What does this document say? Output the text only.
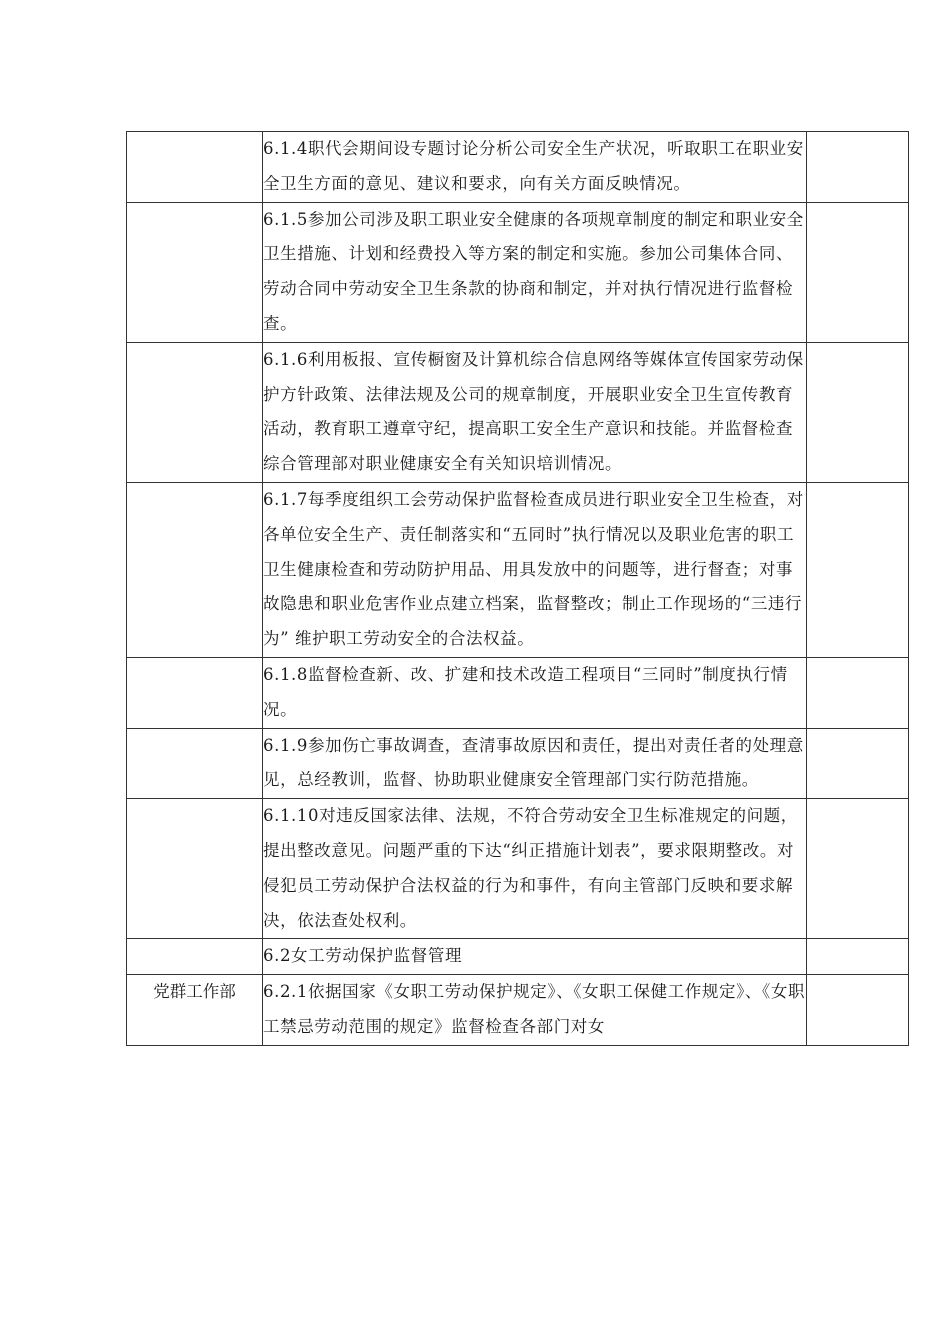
	6.1.4职代会期间设专题讨论分析公司安全生产状况，听取职工在职业安全卫生方面的意见、建议和要求，向有关方面反映情况。	
	6.1.5参加公司涉及职工职业安全健康的各项规章制度的制定和职业安全卫生措施、计划和经费投入等方案的制定和实施。参加公司集体合同、劳动合同中劳动安全卫生条款的协商和制定，并对执行情况进行监督检查。	
	6.1.6利用板报、宣传橱窗及计算机综合信息网络等媒体宣传国家劳动保护方针政策、法律法规及公司的规章制度，开展职业安全卫生宣传教育活动，教育职工遵章守纪，提高职工安全生产意识和技能。并监督检查综合管理部对职业健康安全有关知识培训情况。	
	6.1.7每季度组织工会劳动保护监督检查成员进行职业安全卫生检查，对各单位安全生产、责任制落实和“五同时”执行情况以及职业危害的职工卫生健康检查和劳动防护用品、用具发放中的问题等，进行督查；对事故隐患和职业危害作业点建立档案，监督整改；制止工作现场的“三违行为” 维护职工劳动安全的合法权益。	
	6.1.8监督检查新、改、扩建和技术改造工程项目“三同时”制度执行情况。	
	6.1.9参加伤亡事故调查，查清事故原因和责任，提出对责任者的处理意见，总经教训，监督、协助职业健康安全管理部门实行防范措施。	
	6.1.10对违反国家法律、法规，不符合劳动安全卫生标准规定的问题，提出整改意见。问题严重的下达“纠正措施计划表”，要求限期整改。对侵犯员工劳动保护合法权益的行为和事件，有向主管部门反映和要求解决，依法查处权利。	
	6.2女工劳动保护监督管理	
党群工作部	6.2.1依据国家《女职工劳动保护规定》、《女职工保健工作规定》、《女职工禁忌劳动范围的规定》监督检查各部门对女	
